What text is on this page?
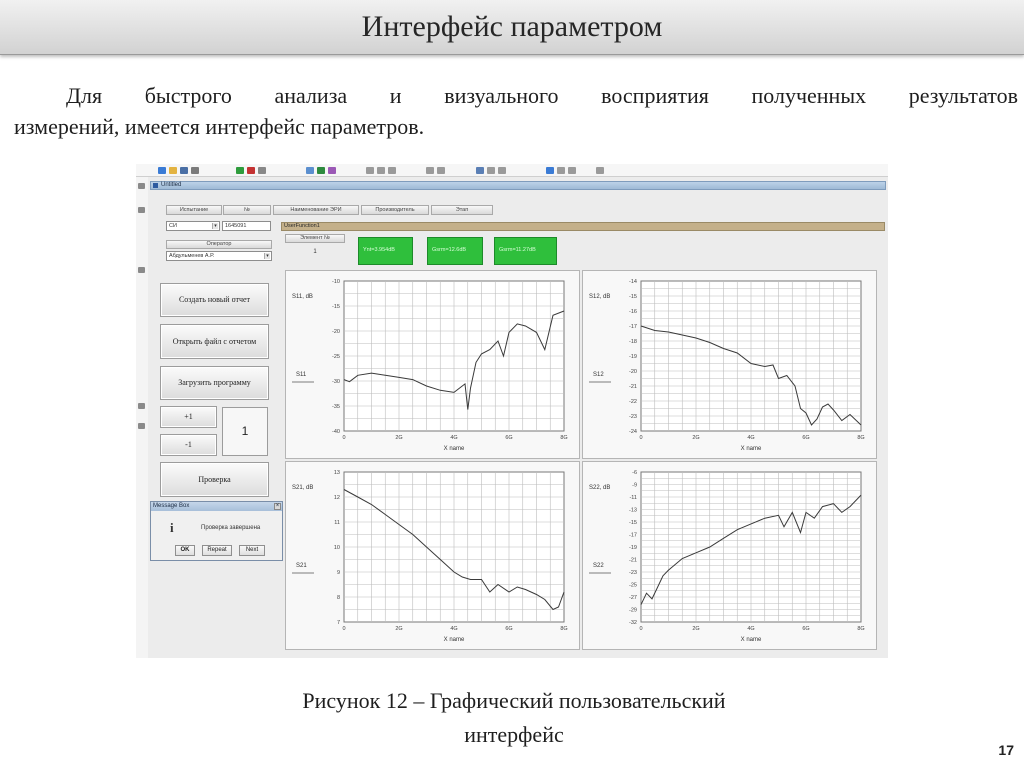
Интерфейс параметром
Для быстрого анализа и визуального восприятия полученных результатов
измерений, имеется интерфейс параметров.
Untitled
Испытание	№	Наименование ЭРИ	Производитель	Этап
СИ	▾	1645091
Оператор
Абдульменев А.Р.	▾
UserFunction1
Элемент №
1	Ynt=3.954dB	Gsrm=12.6dB	Gsrm=11.27dB
Создать новый отчет
Открыть файл с отчетом
Загрузить программу
+1
-1
1
Проверка
Message Box	×
i	Проверка завершена
OK	Repeat	Next
-10
-15
-20
-25
-30
-35
-40
0	2G	4G	6G	8G
S11, dB
S11
X name
-14
-15
-16
-17
-18
-19
-20
-21
-22
-23
-24
0	2G	4G	6G	8G
S12, dB
S12
X name
13
12
11
10
9
8
7
0	2G	4G	6G	8G
S21, dB
S21
X name
-6
-9
-11
-13
-15
-17
-19
-21
-23
-25
-27
-29
-32
0	2G	4G	6G	8G
S22, dB
S22
X name
Рисунок 12 – Графический пользовательский
интерфейс
17
